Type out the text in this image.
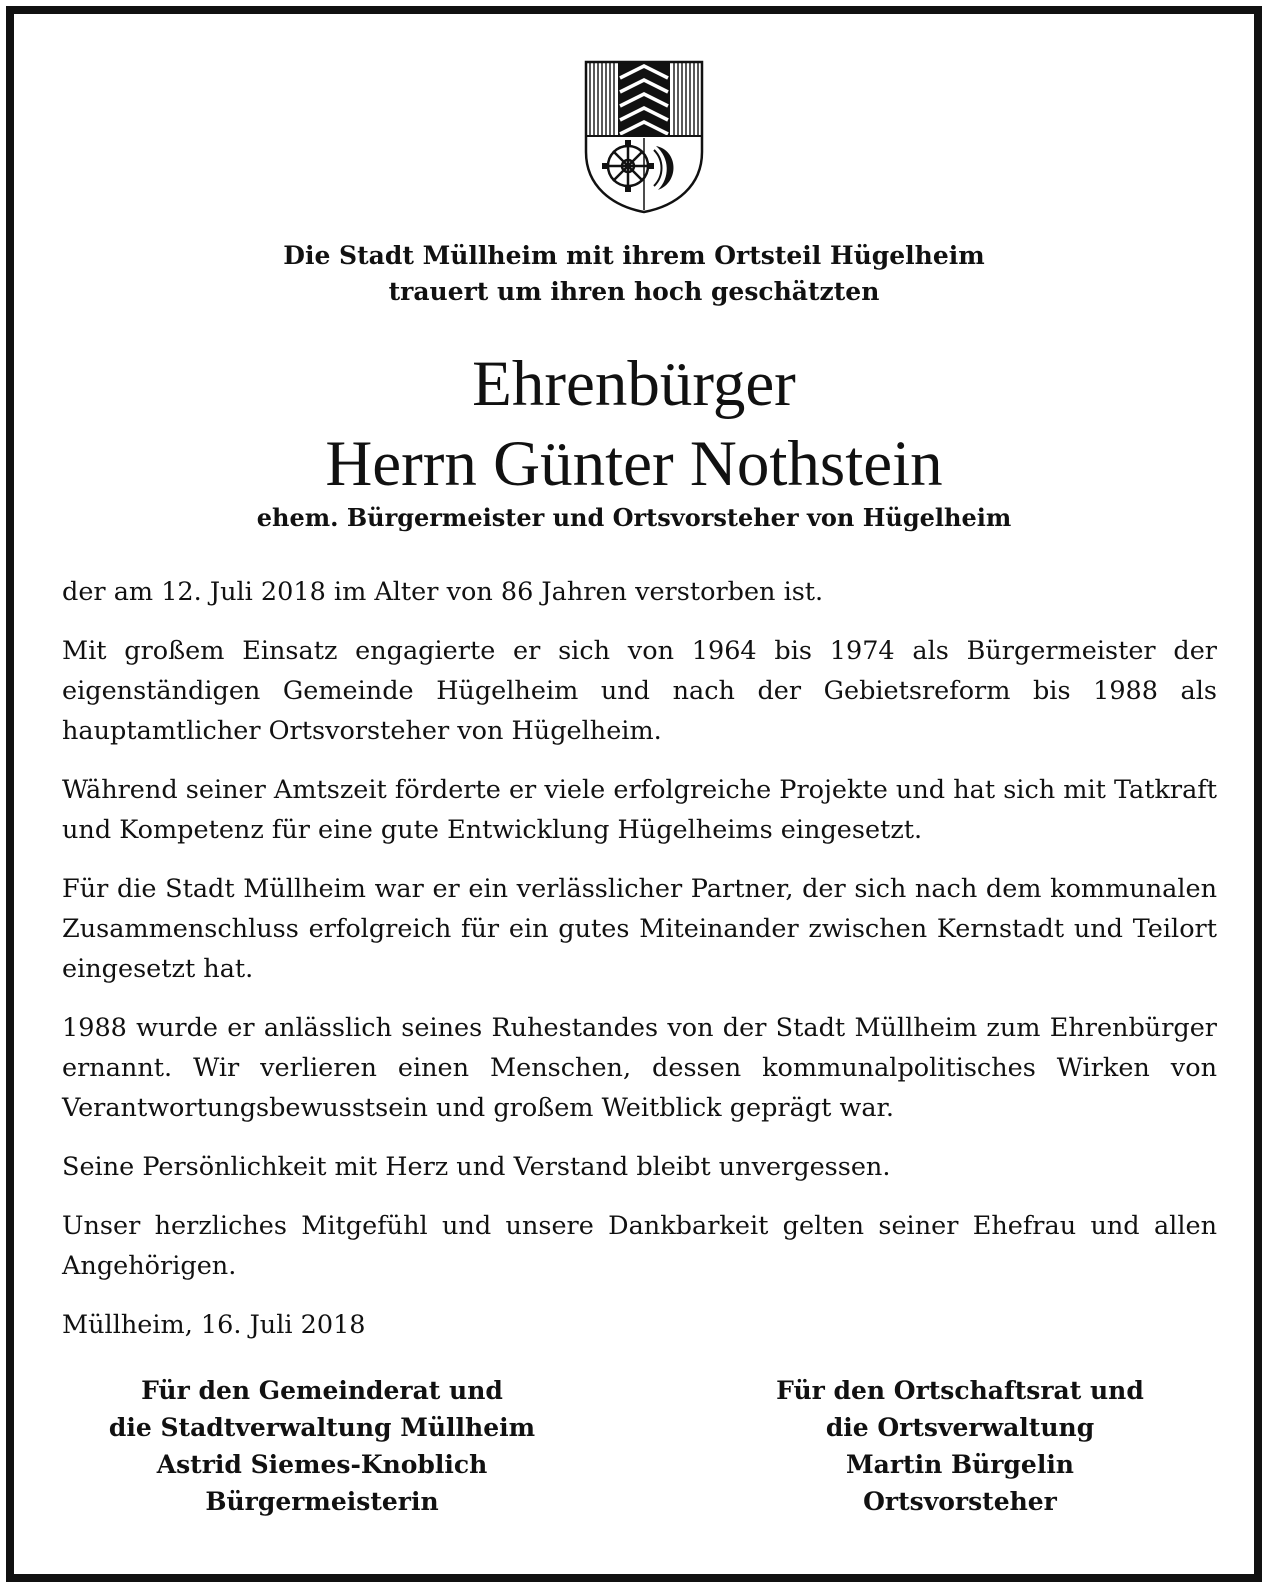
Die Stadt Müllheim mit ihrem Ortsteil Hügelheim
trauert um ihren hoch geschätzten
Ehrenbürger
Herrn Günter Nothstein
ehem. Bürgermeister und Ortsvorsteher von Hügelheim

der am 12. Juli 2018 im Alter von 86 Jahren verstorben ist.

Mit großem Einsatz engagierte er sich von 1964 bis 1974 als Bürgermeister der eigenständigen Gemeinde Hügelheim und nach der Gebietsreform bis 1988 als hauptamtlicher Ortsvorsteher von Hügelheim.

Während seiner Amtszeit förderte er viele erfolgreiche Projekte und hat sich mit Tatkraft und Kompetenz für eine gute Entwicklung Hügelheims eingesetzt.

Für die Stadt Müllheim war er ein verlässlicher Partner, der sich nach dem kommunalen Zusammenschluss erfolgreich für ein gutes Miteinander zwischen Kernstadt und Teilort eingesetzt hat.

1988 wurde er anlässlich seines Ruhestandes von der Stadt Müllheim zum Ehrenbürger ernannt. Wir verlieren einen Menschen, dessen kommunalpolitisches Wirken von Verantwortungsbewusstsein und großem Weitblick geprägt war.

Seine Persönlichkeit mit Herz und Verstand bleibt unvergessen.

Unser herzliches Mitgefühl und unsere Dankbarkeit gelten seiner Ehefrau und allen Angehörigen.

Müllheim, 16. Juli 2018

Für den Gemeinderat und
die Stadtverwaltung Müllheim
Astrid Siemes-Knoblich
Bürgermeisterin
Für den Ortschaftsrat und
die Ortsverwaltung
Martin Bürgelin
Ortsvorsteher
